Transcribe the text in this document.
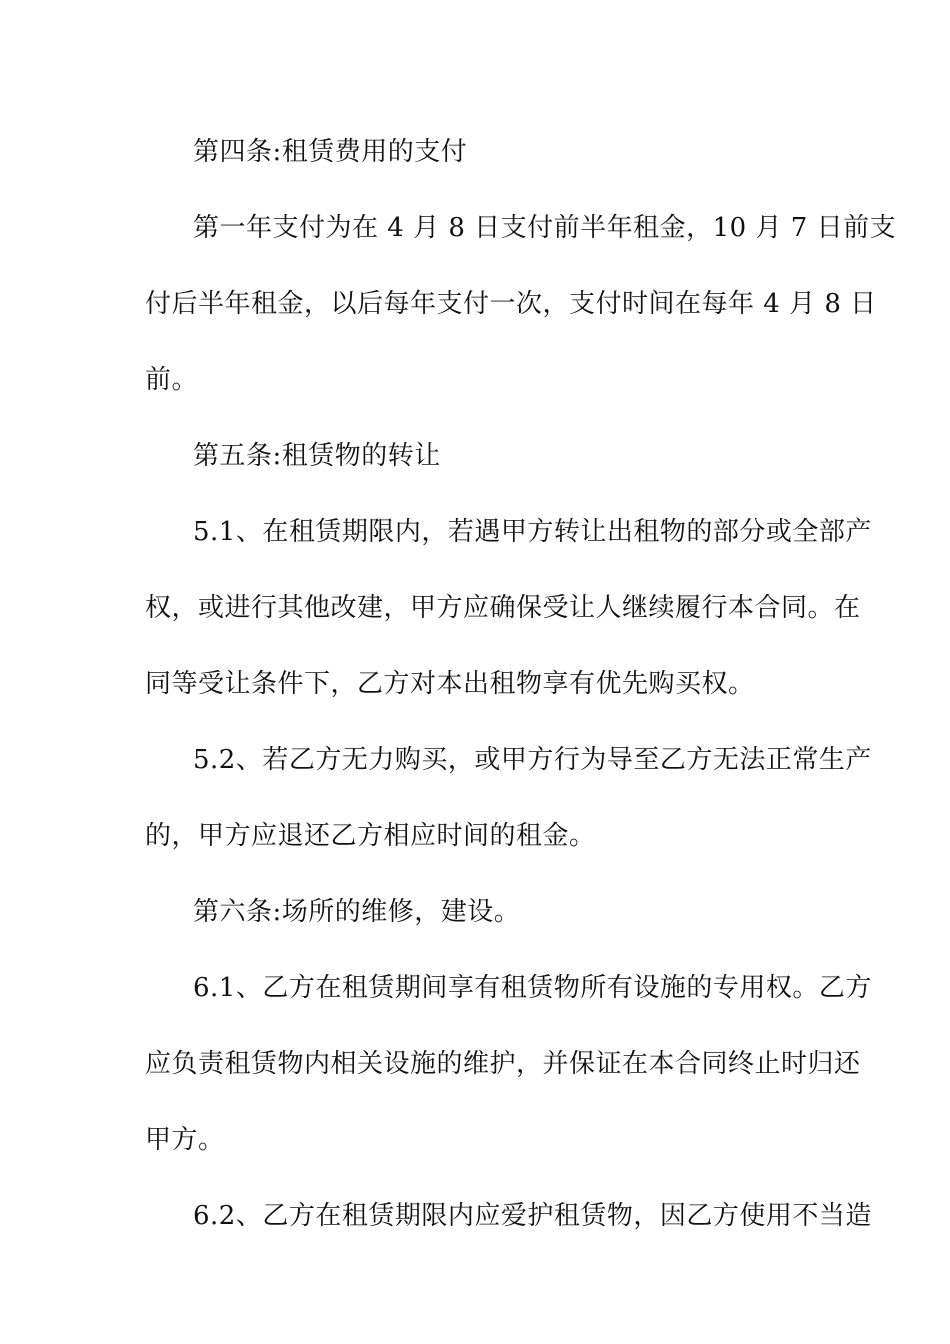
第四条:租赁费用的支付
第一年支付为在 4 月 8 日支付前半年租金，10 月 7 日前支
付后半年租金，以后每年支付一次，支付时间在每年 4 月 8 日
前。
第五条:租赁物的转让
5.1、在租赁期限内，若遇甲方转让出租物的部分或全部产
权，或进行其他改建，甲方应确保受让人继续履行本合同。在
同等受让条件下，乙方对本出租物享有优先购买权。
5.2、若乙方无力购买，或甲方行为导至乙方无法正常生产
的，甲方应退还乙方相应时间的租金。
第六条:场所的维修，建设。
6.1、乙方在租赁期间享有租赁物所有设施的专用权。乙方
应负责租赁物内相关设施的维护，并保证在本合同终止时归还
甲方。
6.2、乙方在租赁期限内应爱护租赁物，因乙方使用不当造
